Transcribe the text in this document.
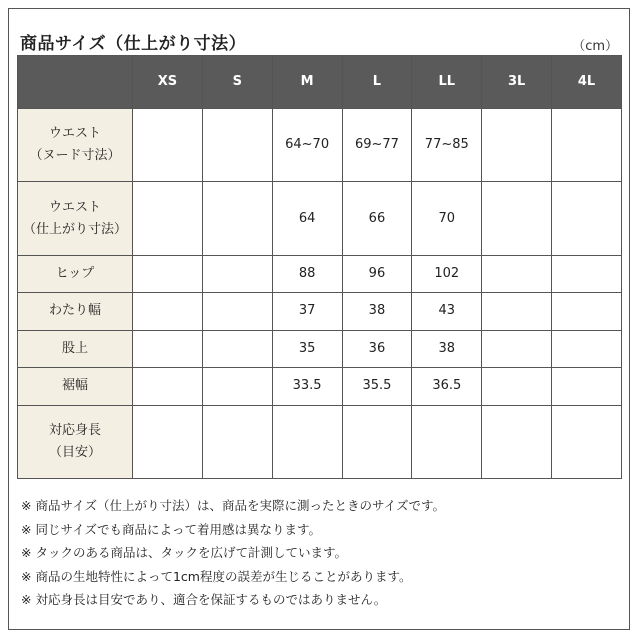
商品サイズ（仕上がり寸法）	（cm）
	XS	S	M	L	LL	3L	4L

ウエスト
（ヌード寸法）			64~70	69~77	77~85		

ウエスト
（仕上がり寸法）			64	66	70		

ヒップ			88	96	102		

わたり幅			37	38	43		

股上			35	36	38		

裾幅			33.5	35.5	36.5		

対応身長
（目安）							

※ 商品サイズ（仕上がり寸法）は、商品を実際に測ったときのサイズです。
※ 同じサイズでも商品によって着用感は異なります。
※ タックのある商品は、タックを広げて計測しています。
※ 商品の生地特性によって1cm程度の誤差が生じることがあります。
※ 対応身長は目安であり、適合を保証するものではありません。
